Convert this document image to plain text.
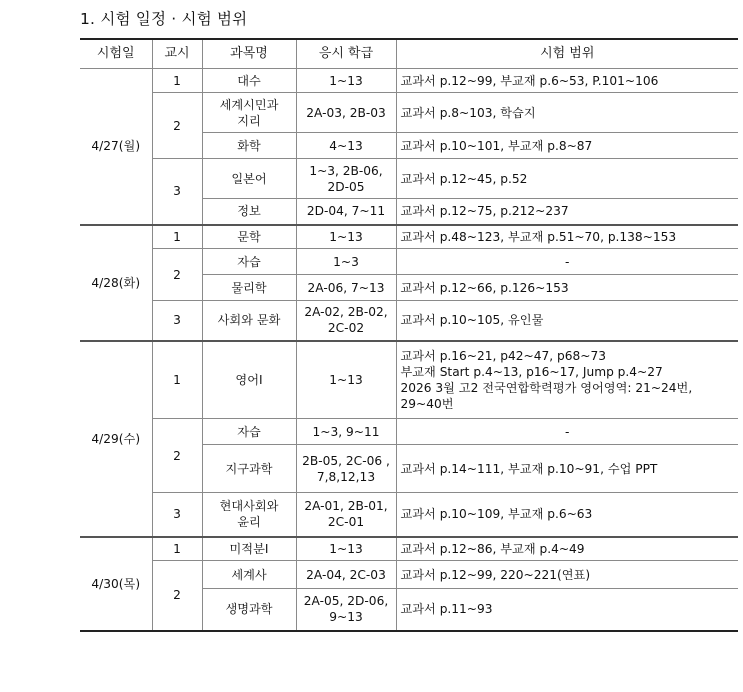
1. 시험 일정 · 시험 범위
시험일	교시	과목명	응시 학급	시험 범위
4/27(월)	1	대수	1~13	교과서 p.12~99, 부교재 p.6~53, P.101~106

	2	세계시민과
지리	2A-03, 2B-03	교과서 p.8~103, 학습지

		화학	4~13	교과서 p.10~101, 부교재 p.8~87

	3	일본어	1~3, 2B-06,
2D-05	교과서 p.12~45, p.52

		정보	2D-04, 7~11	교과서 p.12~75, p.212~237

4/28(화)	1	문학	1~13	교과서 p.48~123, 부교재 p.51~70, p.138~153

	2	자습	1~3	-

		물리학	2A-06, 7~13	교과서 p.12~66, p.126~153

	3	사회와 문화	2A-02, 2B-02,
2C-02	교과서 p.10~105, 유인물

4/29(수)	1	영어Ⅰ	1~13	교과서 p.16~21, p42~47, p68~73
부교재 Start p.4~13, p16~17, Jump p.4~27
2026 3월 고2 전국연합학력평가 영어영역: 21~24번,
29~40번

	2	자습	1~3, 9~11	-

		지구과학	2B-05, 2C-06 ,
7,8,12,13	교과서 p.14~111, 부교재 p.10~91, 수업 PPT

	3	현대사회와
윤리	2A-01, 2B-01,
2C-01	교과서 p.10~109, 부교재 p.6~63

4/30(목)	1	미적분Ⅰ	1~13	교과서 p.12~86, 부교재 p.4~49

	2	세계사	2A-04, 2C-03	교과서 p.12~99, 220~221(연표)

		생명과학	2A-05, 2D-06,
9~13	교과서 p.11~93
